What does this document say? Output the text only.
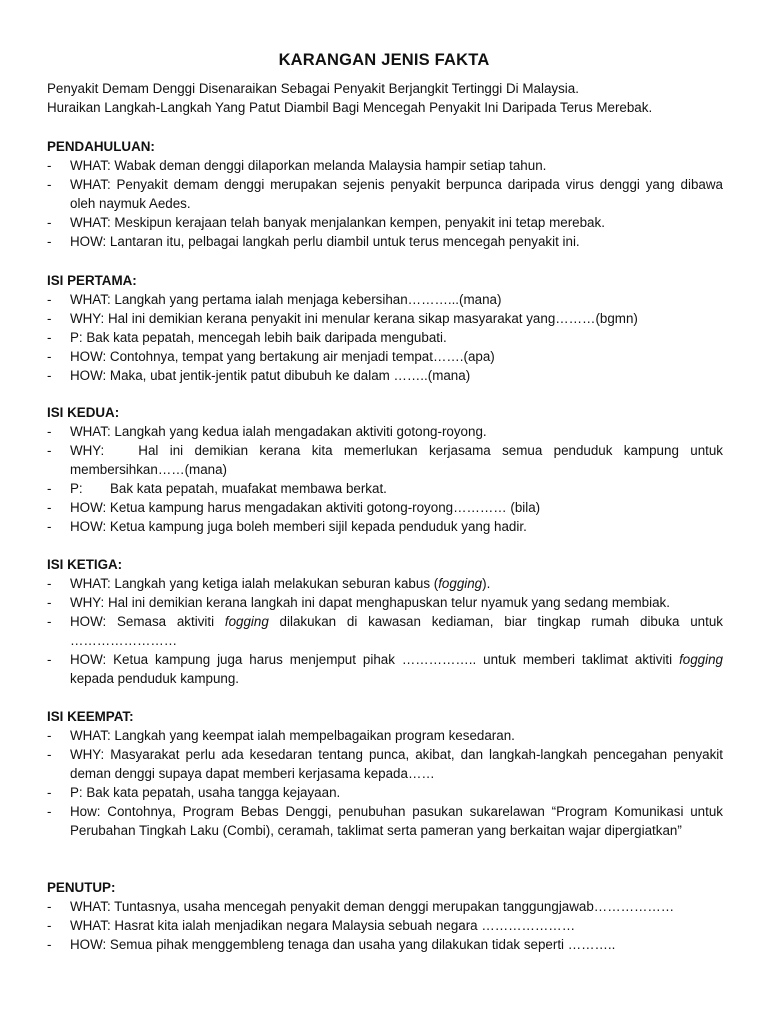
KARANGAN JENIS FAKTA
Penyakit Demam Denggi Disenaraikan Sebagai Penyakit Berjangkit Tertinggi Di Malaysia.
Huraikan Langkah-Langkah Yang Patut Diambil Bagi Mencegah Penyakit Ini Daripada Terus Merebak.
PENDAHULUAN:
-	WHAT: Wabak deman denggi dilaporkan melanda Malaysia hampir setiap tahun.
-	WHAT: Penyakit demam denggi merupakan sejenis penyakit berpunca daripada virus denggi yang dibawa oleh naymuk Aedes.
-	WHAT: Meskipun kerajaan telah banyak menjalankan kempen, penyakit ini tetap merebak.
-	HOW: Lantaran itu, pelbagai langkah perlu diambil untuk terus mencegah penyakit ini.
ISI PERTAMA:
-	WHAT: Langkah yang pertama ialah menjaga kebersihan………...(mana)
-	WHY: Hal ini demikian kerana penyakit ini menular kerana sikap masyarakat yang………(bgmn)
-	P: Bak kata pepatah, mencegah lebih baik daripada mengubati.
-	HOW: Contohnya, tempat yang bertakung air menjadi tempat…….(apa)
-	HOW: Maka, ubat jentik-jentik patut dibubuh ke dalam ……..(mana)
ISI KEDUA:
-	WHAT: Langkah yang kedua ialah mengadakan aktiviti gotong-royong.
-	WHY:   Hal ini demikian kerana kita memerlukan kerjasama semua penduduk kampung untuk membersihkan……(mana)
-	P: Bak kata pepatah, muafakat membawa berkat.
-	HOW: Ketua kampung harus mengadakan aktiviti gotong-royong………… (bila)
-	HOW: Ketua kampung juga boleh memberi sijil kepada penduduk yang hadir.
ISI KETIGA:
-	WHAT: Langkah yang ketiga ialah melakukan seburan kabus (fogging).
-	WHY: Hal ini demikian kerana langkah ini dapat menghapuskan telur nyamuk yang sedang membiak.
-	HOW: Semasa aktiviti fogging dilakukan di kawasan kediaman, biar tingkap rumah dibuka untuk ……………………
-	HOW: Ketua kampung juga harus menjemput pihak …………….. untuk memberi taklimat aktiviti fogging kepada penduduk kampung.
ISI KEEMPAT:
-	WHAT: Langkah yang keempat ialah mempelbagaikan program kesedaran.
-	WHY: Masyarakat perlu ada kesedaran tentang punca, akibat, dan langkah-langkah pencegahan penyakit deman denggi supaya dapat memberi kerjasama kepada……
-	P: Bak kata pepatah, usaha tangga kejayaan.
-	How: Contohnya, Program Bebas Denggi, penubuhan pasukan sukarelawan “Program Komunikasi untuk Perubahan Tingkah Laku (Combi), ceramah, taklimat serta pameran yang berkaitan wajar dipergiatkan”
PENUTUP:
-	WHAT: Tuntasnya, usaha mencegah penyakit deman denggi merupakan tanggungjawab………………
-	WHAT: Hasrat kita ialah menjadikan negara Malaysia sebuah negara …………………
-	HOW: Semua pihak menggembleng tenaga dan usaha yang dilakukan tidak seperti ………..
